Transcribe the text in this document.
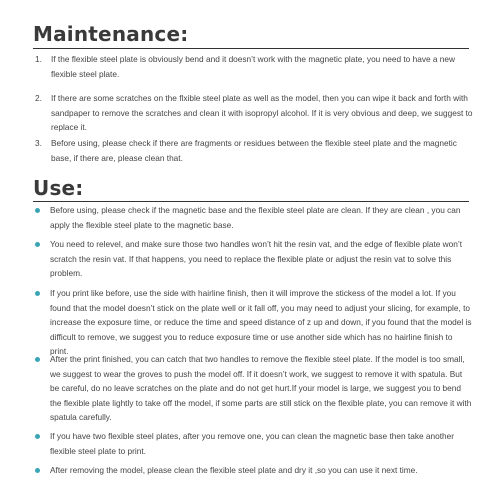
Maintenance:
1.	If the flexible steel plate is obviously bend and it doesn’t work with the magnetic plate, you need to have a new flexible steel plate.
2.	If there are some scratches on the flxible steel plate as well as the model, then you can wipe it back and forth with sandpaper to remove the scratches and clean it with isopropyl alcohol. If it is very obvious and deep, we suggest to replace it.
3.	Before using, please check if there are fragments or residues between the flexible steel plate and the magnetic base, if there are, please clean that.
Use:
Before using, please check if the magnetic base and the flexible steel plate are clean. If they are clean , you can apply the flexible steel plate to the magnetic base.
You need to relevel, and make sure those two handles won’t hit the resin vat, and the edge of flexible plate won’t scratch the resin vat. If that happens, you need to replace the flexible plate or adjust the resin vat to solve this problem.
If you print like before, use the side with hairline finish, then it will improve the stickess of the model a lot. If you found that the model doesn’t stick on the plate well or it fall off, you may need to adjust your slicing, for example, to increase the exposure time, or reduce the time and speed distance of z up and down, if you found that the model is difficult to remove, we suggest you to reduce exposure time or use another side which has no hairline finish to print.
After the print finished, you can catch that two handles to remove the flexible steel plate. If the model is too small, we suggest to wear the groves to push the model off. If it doesn’t work, we suggest to remove it with spatula. But be careful, do no leave scratches on the plate and do not get hurt.If your model is large, we suggest you to bend the flexible plate lightly to take off the model, if some parts are still stick on the flexible plate, you can remove it with spatula carefully.
If you have two flexible steel plates, after you remove one, you can clean the magnetic base then take another flexible steel plate to print.
After removing the model, please clean the flexible steel plate and dry it ,so you can use it next time.
